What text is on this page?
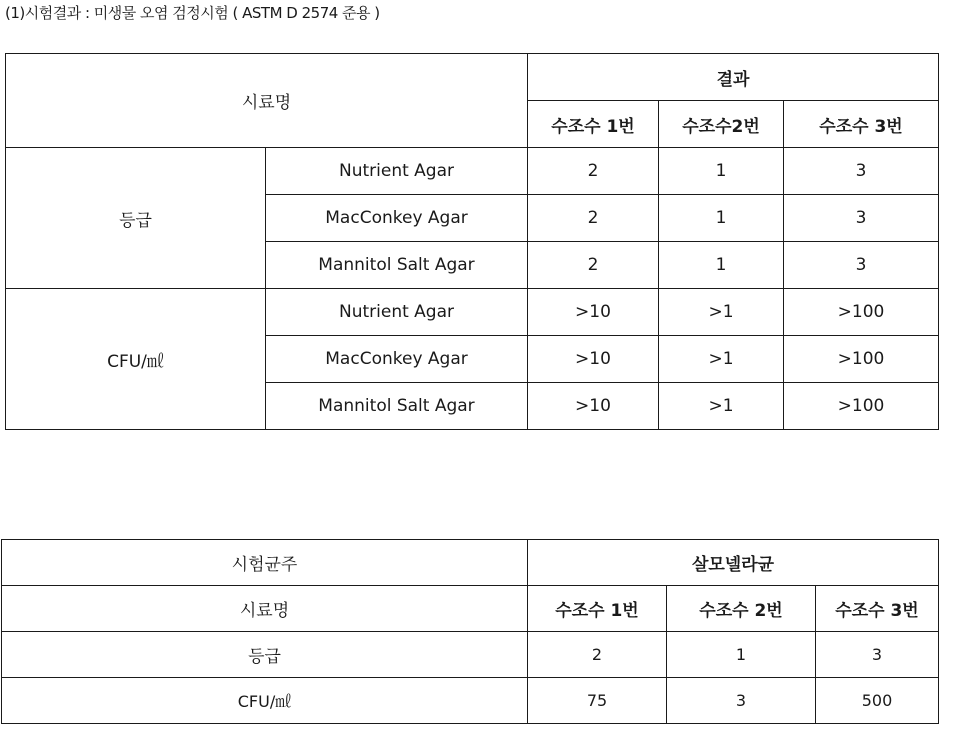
(1)시험결과 : 미생물 오염 검정시험 ( ASTM D 2574 준용 )
시료명		결과		
		수조수 1번	수조수2번	수조수 3번
등급	Nutrient Agar	2	1	3
	MacConkey Agar	2	1	3
	Mannitol Salt Agar	2	1	3
CFU/㎖	Nutrient Agar	>10	>1	>100
	MacConkey Agar	>10	>1	>100
	Mannitol Salt Agar	>10	>1	>100
시험균주	살모넬라균		
시료명	수조수 1번	수조수 2번	수조수 3번
등급	2	1	3
CFU/㎖	75	3	500
